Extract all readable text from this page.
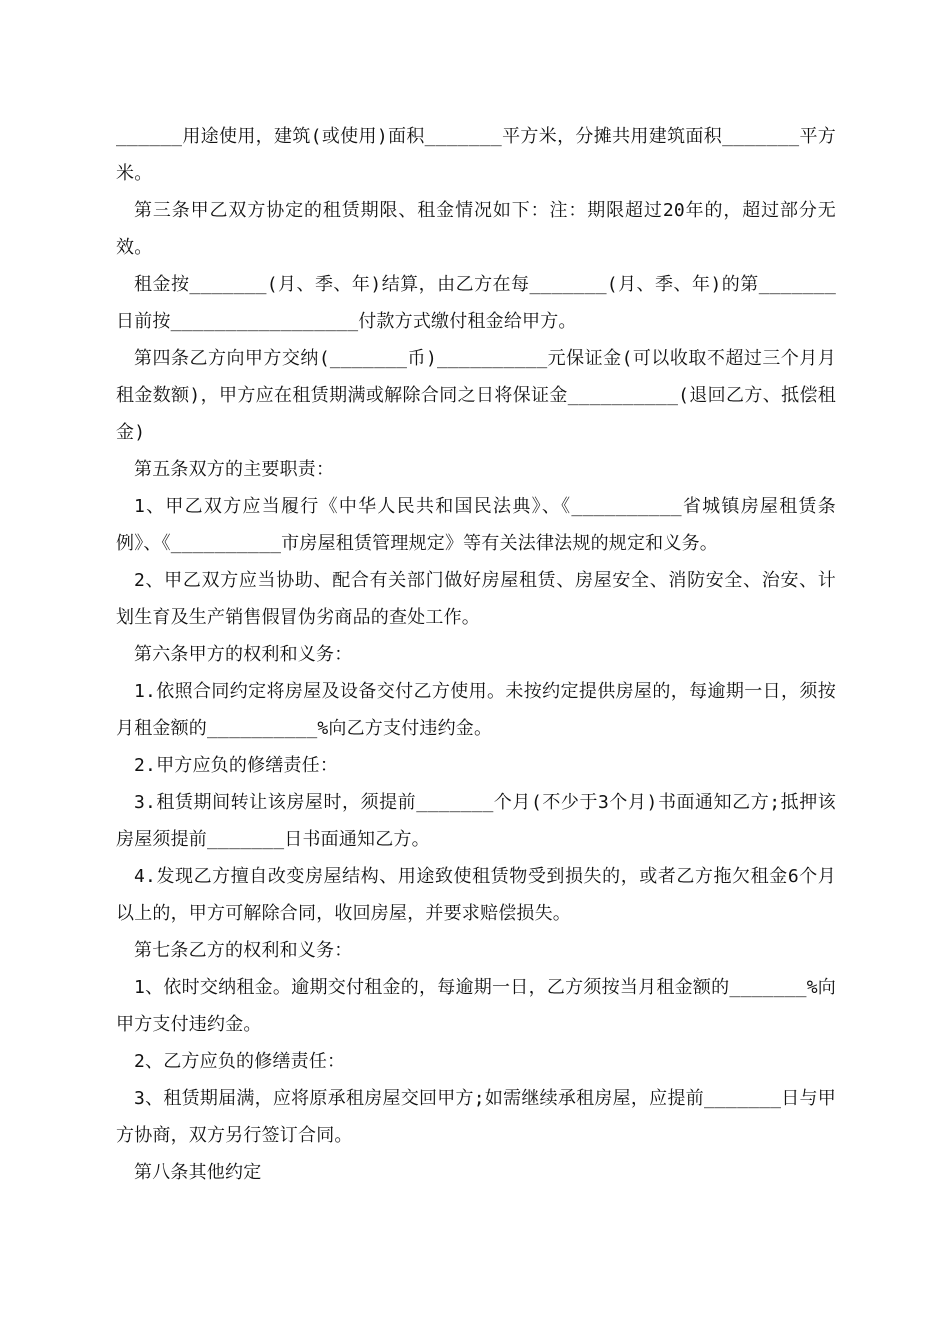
______用途使用，建筑(或使用)面积_______平方米，分摊共用建筑面积_______平方米。

第三条甲乙双方协定的租赁期限、租金情况如下：注：期限超过20年的，超过部分无效。

租金按_______(月、季、年)结算，由乙方在每_______(月、季、年)的第_______日前按_________________付款方式缴付租金给甲方。

第四条乙方向甲方交纳(_______币)__________元保证金(可以收取不超过三个月月租金数额)，甲方应在租赁期满或解除合同之日将保证金__________(退回乙方、抵偿租金)

第五条双方的主要职责：

1、甲乙双方应当履行《中华人民共和国民法典》、《__________省城镇房屋租赁条例》、《__________市房屋租赁管理规定》等有关法律法规的规定和义务。

2、甲乙双方应当协助、配合有关部门做好房屋租赁、房屋安全、消防安全、治安、计划生育及生产销售假冒伪劣商品的查处工作。

第六条甲方的权利和义务：

1.依照合同约定将房屋及设备交付乙方使用。未按约定提供房屋的，每逾期一日，须按月租金额的__________%向乙方支付违约金。

2.甲方应负的修缮责任：

3.租赁期间转让该房屋时，须提前_______个月(不少于3个月)书面通知乙方;抵押该房屋须提前_______日书面通知乙方。

4.发现乙方擅自改变房屋结构、用途致使租赁物受到损失的，或者乙方拖欠租金6个月以上的，甲方可解除合同，收回房屋，并要求赔偿损失。

第七条乙方的权利和义务：

1、依时交纳租金。逾期交付租金的，每逾期一日，乙方须按当月租金额的_______%向甲方支付违约金。

2、乙方应负的修缮责任：

3、租赁期届满，应将原承租房屋交回甲方;如需继续承租房屋，应提前_______日与甲方协商，双方另行签订合同。

第八条其他约定
